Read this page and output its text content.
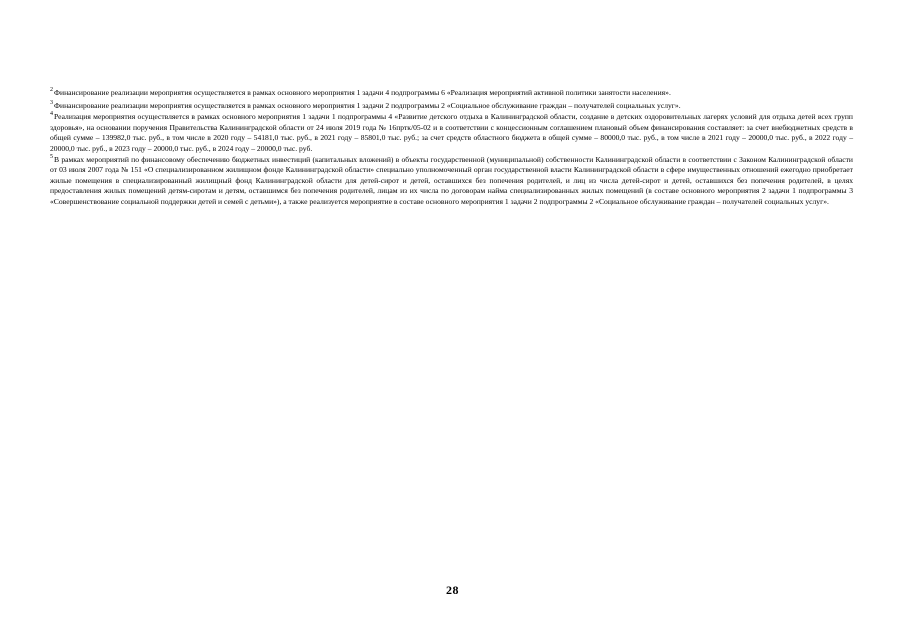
$^2$Финансирование реализации мероприятия осуществляется в рамках основного мероприятия 1 задачи 4 подпрограммы 6 «Реализация мероприятий активной политики занятости населения».

$^3$Финансирование реализации мероприятия осуществляется в рамках основного мероприятия 1 задачи 2 подпрограммы 2 «Социальное обслуживание граждан – получателей социальных услуг».

$^4$Реализация мероприятия осуществляется в рамках основного мероприятия 1 задачи 1 подпрограммы 4 «Развитие детского отдыха в Калининградской области, создание в детских оздоровительных лагерях условий для отдыха детей всех групп здоровья», на основании поручения Правительства Калининградской области от 24 июля 2019 года № 16пртк/05-02 и в соответствии с концессионным соглашением плановый объем финансирования составляет: за счет внебюджетных средств в общей сумме – 139982,0 тыс. руб., в том числе в 2020 году – 54181,0 тыс. руб., в 2021 году – 85801,0 тыс. руб.; за счет средств областного бюджета в общей сумме – 80000,0 тыс. руб., в том числе в 2021 году – 20000,0 тыс. руб., в 2022 году – 20000,0 тыс. руб., в 2023 году – 20000,0 тыс. руб., в 2024 году – 20000,0 тыс. руб.

$^5$В рамках мероприятий по финансовому обеспечению бюджетных инвестиций (капитальных вложений) в объекты государственной (муниципальной) собственности Калининградской области в соответствии с Законом Калининградской области от 03 июля 2007 года № 151 «О специализированном жилищном фонде Калининградской области» специально уполномоченный орган государственной власти Калининградской области в сфере имущественных отношений ежегодно приобретает жилые помещения в специализированный жилищный фонд Калининградской области для детей-сирот и детей, оставшихся без попечения родителей, и лиц из числа детей-сирот и детей, оставшихся без попечения родителей, в целях предоставления жилых помещений детям-сиротам и детям, оставшимся без попечения родителей, лицам из их числа по договорам найма специализированных жилых помещений (в составе основного мероприятия 2 задачи 1 подпрограммы 3 «Совершенствование социальной поддержки детей и семей с детьми»), а также реализуется мероприятие в составе основного мероприятия 1 задачи 2 подпрограммы 2 «Социальное обслуживание граждан – получателей социальных услуг».

28
